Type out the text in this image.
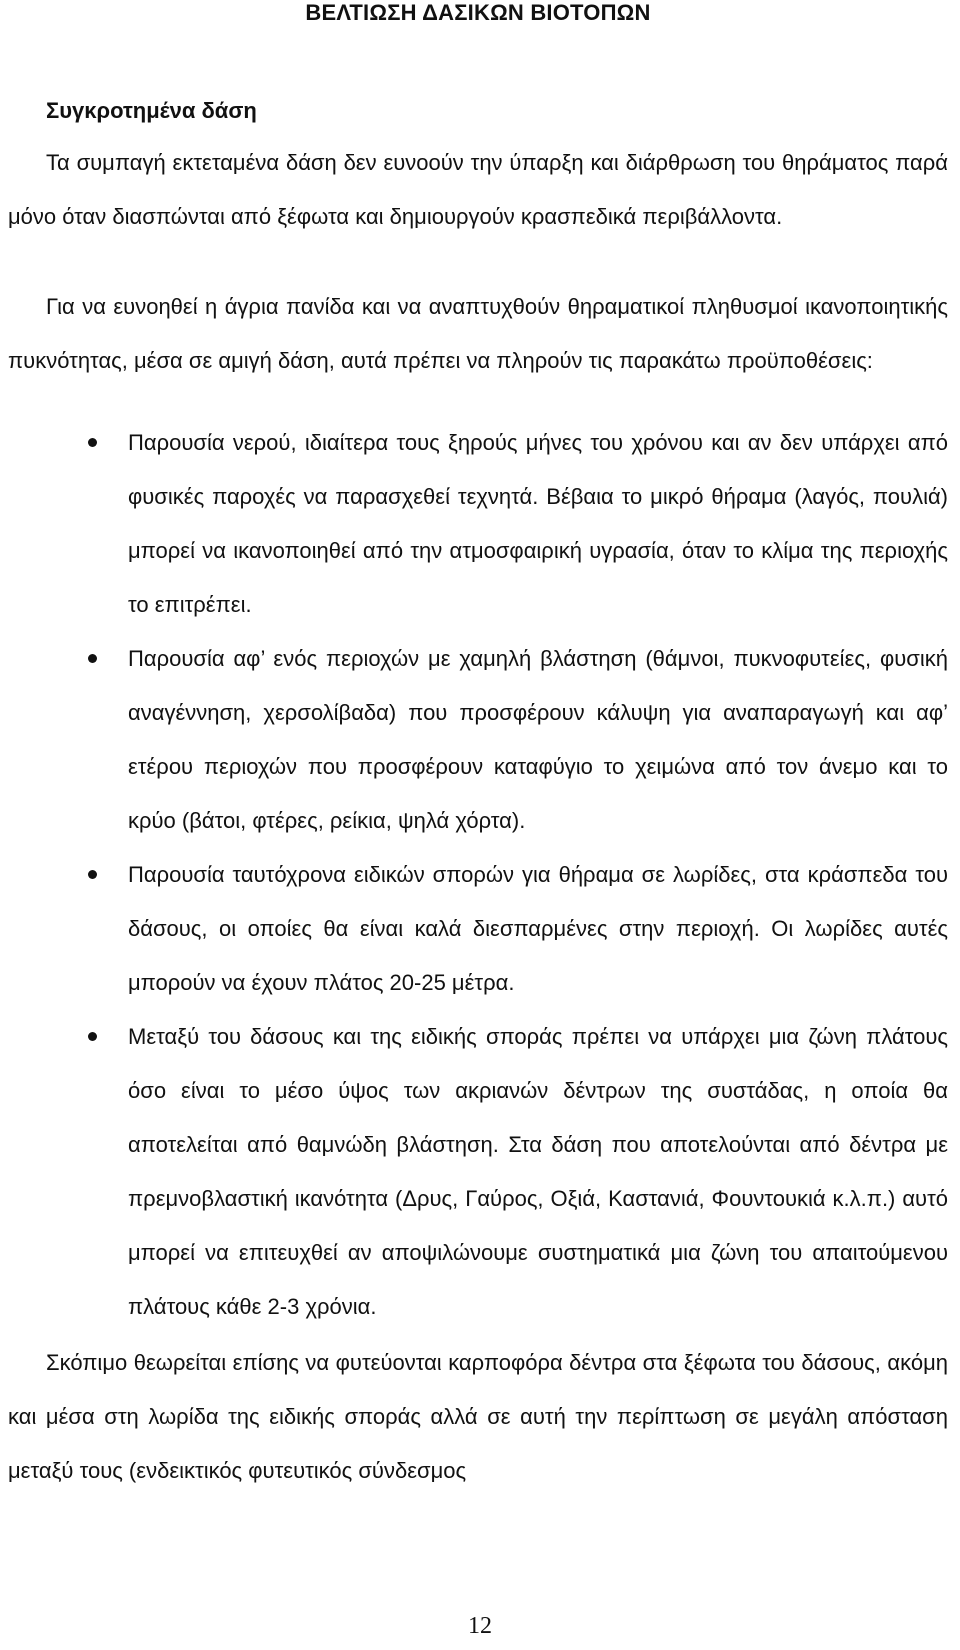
ΒΕΛΤΙΩΣΗ ΔΑΣΙΚΩΝ ΒΙΟΤΟΠΩΝ
Συγκροτημένα δάση

Τα συμπαγή εκτεταμένα δάση δεν ευνοούν την ύπαρξη και διάρθρωση του θηράματος παρά μόνο όταν διασπώνται από ξέφωτα και δημιουργούν κρασπεδικά περιβάλλοντα.

Για να ευνοηθεί η άγρια πανίδα και να αναπτυχθούν θηραματικοί πληθυσμοί ικανοποιητικής πυκνότητας, μέσα σε αμιγή δάση, αυτά πρέπει να πληρούν τις παρακάτω προϋποθέσεις:

Παρουσία νερού, ιδιαίτερα τους ξηρούς μήνες του χρόνου και αν δεν υπάρχει από φυσικές παροχές να παρασχεθεί τεχνητά. Βέβαια το μικρό θήραμα (λαγός, πουλιά) μπορεί να ικανοποιηθεί από την ατμοσφαιρική υγρασία, όταν το κλίμα της περιοχής το επιτρέπει.
Παρουσία αφ’ ενός περιοχών με χαμηλή βλάστηση (θάμνοι, πυκνοφυτείες, φυσική αναγέννηση, χερσολίβαδα) που προσφέρουν κάλυψη για αναπαραγωγή και αφ’ ετέρου περιοχών που προσφέρουν καταφύγιο το χειμώνα από τον άνεμο και το κρύο (βάτοι, φτέρες, ρείκια, ψηλά χόρτα).
Παρουσία ταυτόχρονα ειδικών σπορών για θήραμα σε λωρίδες, στα κράσπεδα του δάσους, οι οποίες θα είναι καλά διεσπαρμένες στην περιοχή. Οι λωρίδες αυτές μπορούν να έχουν πλάτος 20-25 μέτρα.
Μεταξύ του δάσους και της ειδικής σποράς πρέπει να υπάρχει μια ζώνη πλάτους όσο είναι το μέσο ύψος των ακριανών δέντρων της συστάδας, η οποία θα αποτελείται από θαμνώδη βλάστηση. Στα δάση που αποτελούνται από δέντρα με πρεμνοβλαστική ικανότητα (Δρυς, Γαύρος, Οξιά, Καστανιά, Φουντουκιά κ.λ.π.) αυτό μπορεί να επιτευχθεί αν αποψιλώνουμε συστηματικά μια ζώνη του απαιτούμενου πλάτους κάθε 2-3 χρόνια.

Σκόπιμο θεωρείται επίσης να φυτεύονται καρποφόρα δέντρα στα ξέφωτα του δάσους, ακόμη και μέσα στη λωρίδα της ειδικής σποράς αλλά σε αυτή την περίπτωση σε μεγάλη απόσταση μεταξύ τους (ενδεικτικός φυτευτικός σύνδεσμος

12
